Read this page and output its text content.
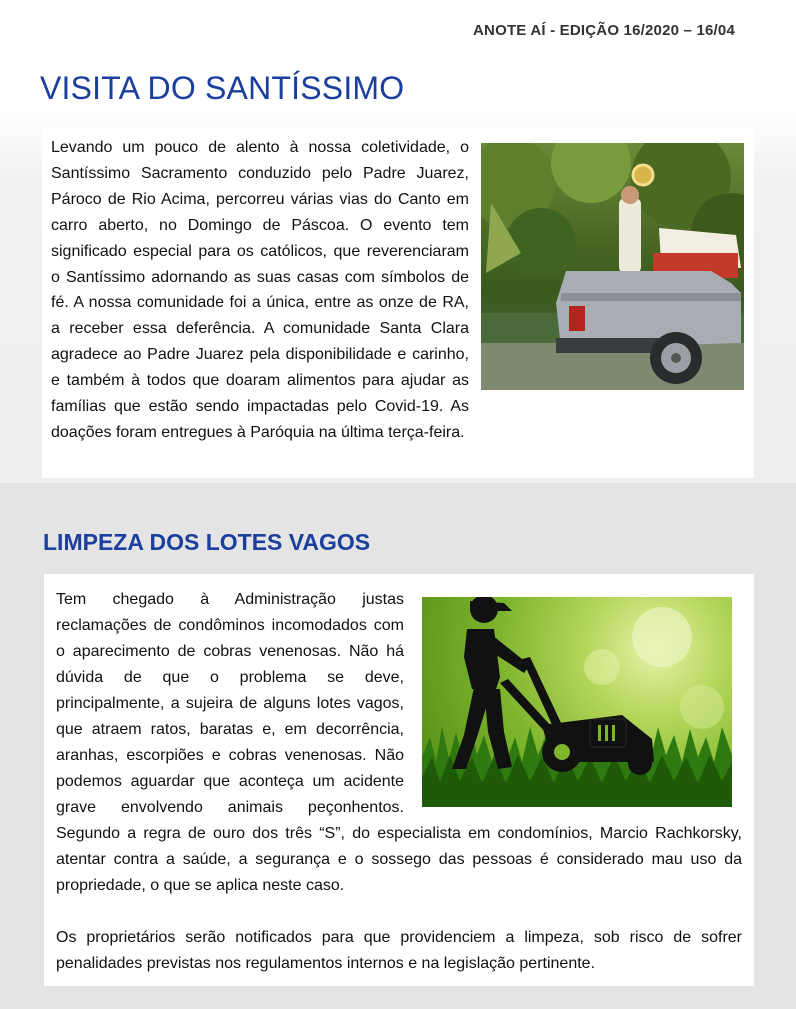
ANOTE AÍ - EDIÇÃO 16/2020 – 16/04
VISITA DO SANTÍSSIMO

Levando um pouco de alento à nossa coletividade, o Santíssimo Sacramento conduzido pelo Padre Juarez, Pároco de Rio Acima, percorreu várias vias do Canto em carro aberto, no Domingo de Páscoa. O evento tem significado especial para os católicos, que reverenciaram o Santíssimo adornando as suas casas com símbolos de fé. A nossa comunidade foi a única, entre as onze de RA, a receber essa deferência. A comunidade Santa Clara agradece ao Padre Juarez pela disponibilidade e carinho, e também à todos que doaram alimentos para ajudar as famílias que estão sendo impactadas pelo Covid-19. As doações foram entregues à Paróquia na última terça-feira.

LIMPEZA DOS LOTES VAGOS

Tem chegado à Administração justas reclamações de condôminos incomodados com o aparecimento de cobras venenosas. Não há dúvida de que o problema se deve, principalmente, a sujeira de alguns lotes vagos, que atraem ratos, baratas e, em decorrência, aranhas, escorpiões e cobras venenosas. Não podemos aguardar que aconteça um acidente grave envolvendo animais peçonhentos. Segundo a regra de ouro dos três “S”, do especialista em condomínios, Marcio Rachkorsky, atentar contra a saúde, a segurança e o sossego das pessoas é considerado mau uso da propriedade, o que se aplica neste caso.

Os proprietários serão notificados para que providenciem a limpeza, sob risco de sofrer penalidades previstas nos regulamentos internos e na legislação pertinente.
